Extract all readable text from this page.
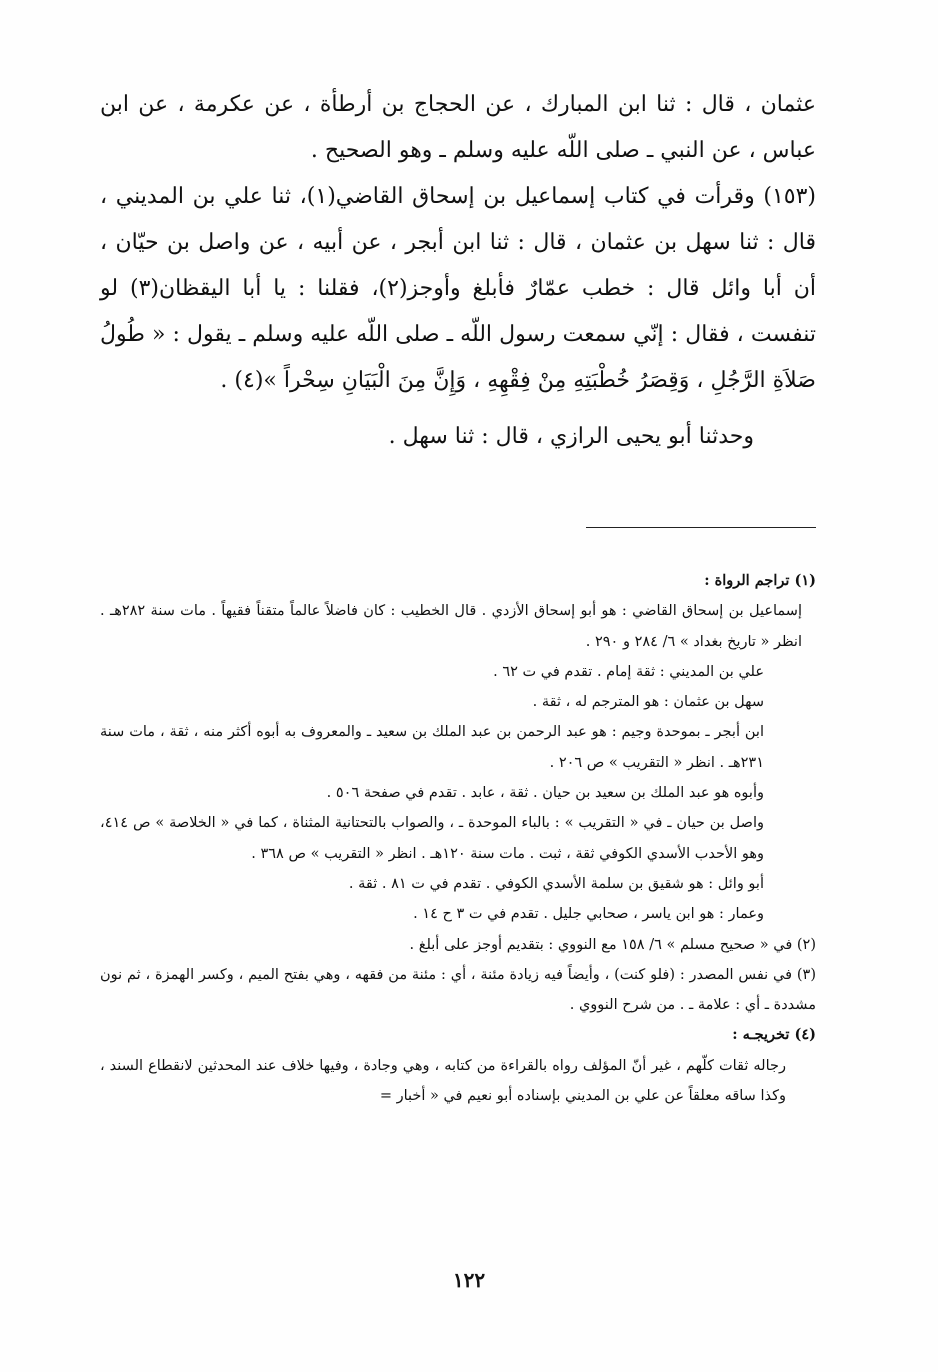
عثمان ، قال : ثنا ابن المبارك ، عن الحجاج بن أرطأة ، عن عكرمة ، عن ابن عباس ، عن النبي ـ صلى اللّه عليه وسلم ـ وهو الصحيح .

(١٥٣) وقرأت في كتاب إسماعيل بن إسحاق القاضي(١)، ثنا علي بن المديني ، قال : ثنا سهل بن عثمان ، قال : ثنا ابن أبجر ، عن أبيه ، عن واصل بن حيّان ، أن أبا وائل قال : خطب عمّارٌ فأبلغ وأوجز(٢)، فقلنا : يا أبا اليقظان(٣) لو تنفست ، فقال : إنّي سمعت رسول اللّه ـ صلى اللّه عليه وسلم ـ يقول : « طُولُ صَلاَةِ الرَّجُلِ ، وَقِصَرُ خُطْبَتِهِ مِنْ فِقْهِهِ ، وَإِنَّ مِنَ الْبَيَانِ سِحْراً »(٤) .

وحدثنا أبو يحيى الرازي ، قال : ثنا سهل .

(١) تراجم الرواة :

إسماعيل بن إسحاق القاضي : هو أبو إسحاق الأزدي . قال الخطيب : كان فاضلاً عالماً متقناً فقيهاً . مات سنة ٢٨٢هـ . انظر « تاريخ بغداد » ٦/ ٢٨٤ و ٢٩٠ .

علي بن المديني : ثقة إمام . تقدم في ت ٦٢ .

سهل بن عثمان : هو المترجم له ، ثقة .

ابن أبجر ـ بموحدة وجيم : هو عبد الرحمن بن عبد الملك بن سعيد ـ والمعروف به أبوه أكثر منه ، ثقة ، مات سنة ٢٣١هـ . انظر « التقريب » ص ٢٠٦ .

وأبوه هو عبد الملك بن سعيد بن حيان . ثقة ، عابد . تقدم في صفحة ٥٠٦ .

واصل بن حيان ـ في « التقريب » : بالباء الموحدة ـ ، والصواب بالتحتانية المثناة ، كما في « الخلاصة » ص ٤١٤، وهو الأحدب الأسدي الكوفي ثقة ، ثبت . مات سنة ١٢٠هـ . انظر « التقريب » ص ٣٦٨ .

أبو وائل : هو شقيق بن سلمة الأسدي الكوفي . تقدم في ت ٨١ . ثقة .

وعمار : هو ابن ياسر ، صحابي جليل . تقدم في ت ٣ ح ١٤ .

(٢) في « صحيح مسلم » ٦/ ١٥٨ مع النووي : بتقديم أوجز على أبلغ .

(٣) في نفس المصدر : (فلو كنت) ، وأيضاً فيه زيادة مئنة ، أي : مئنة من فقهه ، وهي بفتح الميم ، وكسر الهمزة ، ثم نون مشددة ـ أي : علامة ـ . من شرح النووي .

(٤) تخريجـه :

رجاله ثقات كلّهم ، غير أنّ المؤلف رواه بالقراءة من كتابه ، وهي وجادة ، وفيها خلاف عند المحدثين لانقطاع السند ، وكذا ساقه معلقاً عن علي بن المديني بإسناده أبو نعيم في « أخبار =

١٢٢
